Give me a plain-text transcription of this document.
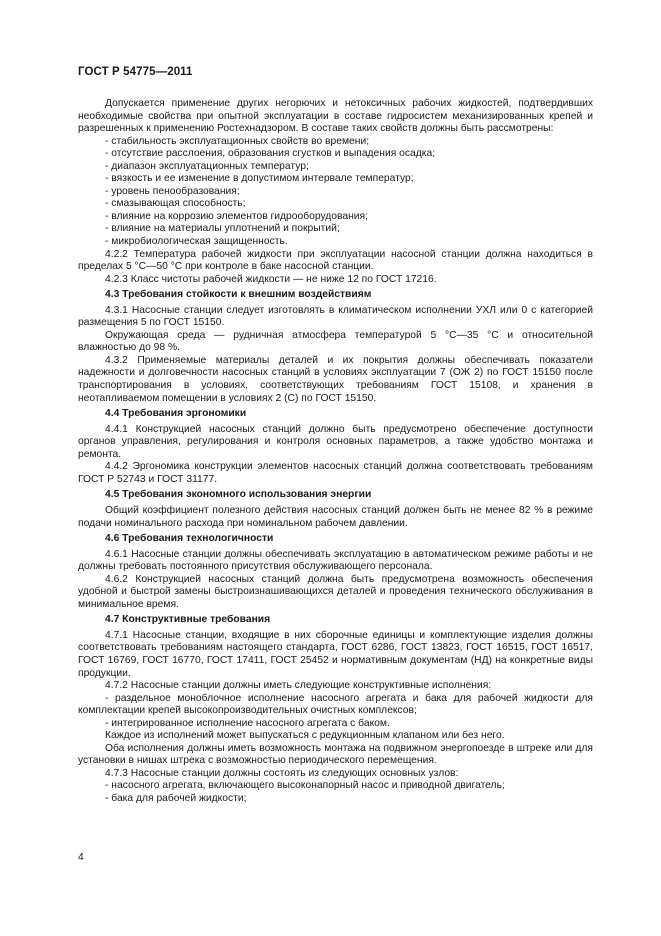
ГОСТ Р 54775—2011

Допускается применение других негорючих и нетоксичных рабочих жидкостей, подтвердивших необходимые свойства при опытной эксплуатации в составе гидросистем механизированных крепей и разрешенных к применению Ростехнадзором. В составе таких свойств должны быть рассмотрены:

- стабильность эксплуатационных свойств во времени;

- отсутствие расслоения, образования сгустков и выпадения осадка;

- диапазон эксплуатационных температур;

- вязкость и ее изменение в допустимом интервале температур;

- уровень пенообразования;

- смазывающая способность;

- влияние на коррозию элементов гидрооборудования;

- влияние на материалы уплотнений и покрытий;

- микробиологическая защищенность.

4.2.2 Температура рабочей жидкости при эксплуатации насосной станции должна находиться в пределах 5 °С—50 °С при контроле в баке насосной станции.

4.2.3 Класс чистоты рабочей жидкости — не ниже 12 по ГОСТ 17216.

4.3 Требования стойкости к внешним воздействиям

4.3.1 Насосные станции следует изготовлять в климатическом исполнении УХЛ или 0 с категорией размещения 5 по ГОСТ 15150.

Окружающая среда — рудничная атмосфера температурой 5 °С—35 °С и относительной влажностью до 98 %.

4.3.2 Применяемые материалы деталей и их покрытия должны обеспечивать показатели надежности и долговечности насосных станций в условиях эксплуатации 7 (ОЖ 2) по ГОСТ 15150 после транспортирования в условиях, соответствующих требованиям ГОСТ 15108, и хранения в неотапливаемом помещении в условиях 2 (С) по ГОСТ 15150.

4.4 Требования эргономики

4.4.1 Конструкцией насосных станций должно быть предусмотрено обеспечение доступности органов управления, регулирования и контроля основных параметров, а также удобство монтажа и ремонта.

4.4.2 Эргономика конструкции элементов насосных станций должна соответствовать требованиям ГОСТ Р 52743 и ГОСТ 31177.

4.5 Требования экономного использования энергии

Общий коэффициент полезного действия насосных станций должен быть не менее 82 % в режиме подачи номинального расхода при номинальном рабочем давлении.

4.6 Требования технологичности

4.6.1 Насосные станции должны обеспечивать эксплуатацию в автоматическом режиме работы и не должны требовать постоянного присутствия обслуживающего персонала.

4.6.2 Конструкцией насосных станций должна быть предусмотрена возможность обеспечения удобной и быстрой замены быстроизнашивающихся деталей и проведения технического обслуживания в минимальное время.

4.7 Конструктивные требования

4.7.1 Насосные станции, входящие в них сборочные единицы и комплектующие изделия должны соответствовать требованиям настоящего стандарта, ГОСТ 6286, ГОСТ 13823, ГОСТ 16515, ГОСТ 16517, ГОСТ 16769, ГОСТ 16770, ГОСТ 17411, ГОСТ 25452 и нормативным документам (НД) на конкретные виды продукции.

4.7.2 Насосные станции должны иметь следующие конструктивные исполнения:

- раздельное моноблочное исполнение насосного агрегата и бака для рабочей жидкости для комплектации крепей высокопроизводительных очистных комплексов;

- интегрированное исполнение насосного агрегата с баком.

Каждое из исполнений может выпускаться с редукционным клапаном или без него.

Оба исполнения должны иметь возможность монтажа на подвижном энергопоезде в штреке или для установки в нишах штрека с возможностью периодического перемещения.

4.7.3 Насосные станции должны состоять из следующих основных узлов:

- насосного агрегата, включающего высоконапорный насос и приводной двигатель;

- бака для рабочей жидкости;

4
